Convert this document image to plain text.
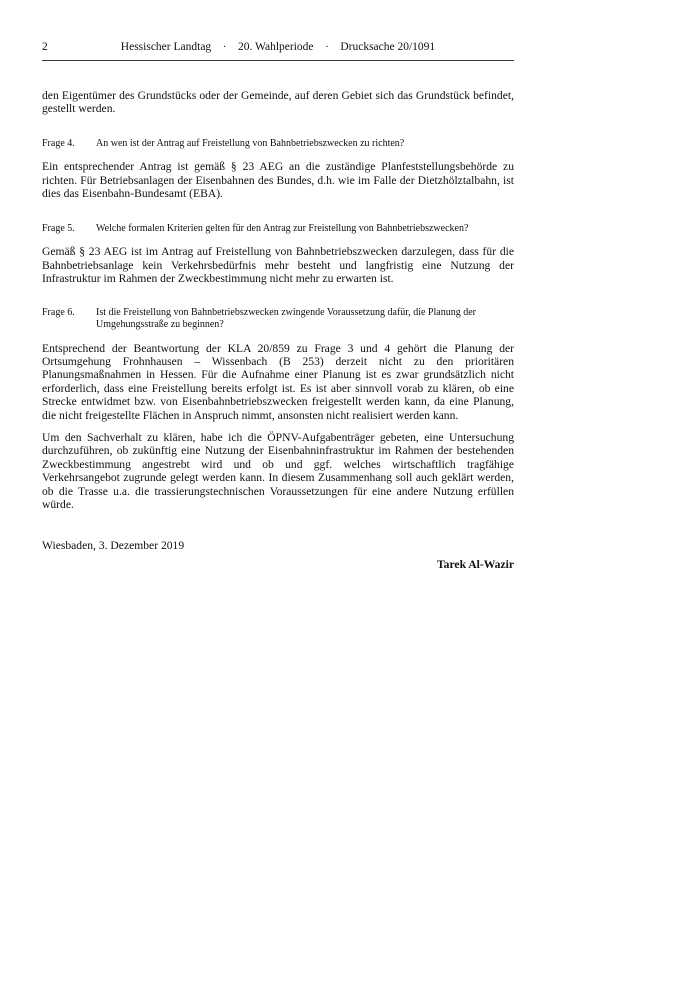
2	Hessischer Landtag  ·  20. Wahlperiode  ·  Drucksache 20/1091

den Eigentümer des Grundstücks oder der Gemeinde, auf deren Gebiet sich das Grundstück befindet, gestellt werden.

Frage 4.	An wen ist der Antrag auf Freistellung von Bahnbetriebszwecken zu richten?

Ein entsprechender Antrag ist gemäß § 23 AEG an die zuständige Planfeststellungsbehörde zu richten. Für Betriebsanlagen der Eisenbahnen des Bundes, d.h. wie im Falle der Dietzhölztalbahn, ist dies das Eisenbahn-Bundesamt (EBA).

Frage 5.	Welche formalen Kriterien gelten für den Antrag zur Freistellung von Bahnbetriebszwecken?

Gemäß § 23 AEG ist im Antrag auf Freistellung von Bahnbetriebszwecken darzulegen, dass für die Bahnbetriebsanlage kein Verkehrsbedürfnis mehr besteht und langfristig eine Nutzung der Infrastruktur im Rahmen der Zweckbestimmung nicht mehr zu erwarten ist.

Frage 6.	Ist die Freistellung von Bahnbetriebszwecken zwingende Voraussetzung dafür, die Planung der Umgehungsstraße zu beginnen?

Entsprechend der Beantwortung der KLA 20/859 zu Frage 3 und 4 gehört die Planung der Ortsumgehung Frohnhausen – Wissenbach (B 253) derzeit nicht zu den prioritären Planungsmaßnahmen in Hessen. Für die Aufnahme einer Planung ist es zwar grundsätzlich nicht erforderlich, dass eine Freistellung bereits erfolgt ist. Es ist aber sinnvoll vorab zu klären, ob eine Strecke entwidmet bzw. von Eisenbahnbetriebszwecken freigestellt werden kann, da eine Planung, die nicht freigestellte Flächen in Anspruch nimmt, ansonsten nicht realisiert werden kann.

Um den Sachverhalt zu klären, habe ich die ÖPNV-Aufgabenträger gebeten, eine Untersuchung durchzuführen, ob zukünftig eine Nutzung der Eisenbahninfrastruktur im Rahmen der bestehenden Zweckbestimmung angestrebt wird und ob und ggf. welches wirtschaftlich tragfähige Verkehrsangebot zugrunde gelegt werden kann. In diesem Zusammenhang soll auch geklärt werden, ob die Trasse u.a. die trassierungstechnischen Voraussetzungen für eine andere Nutzung erfüllen würde.

Wiesbaden, 3. Dezember 2019

Tarek Al-Wazir
